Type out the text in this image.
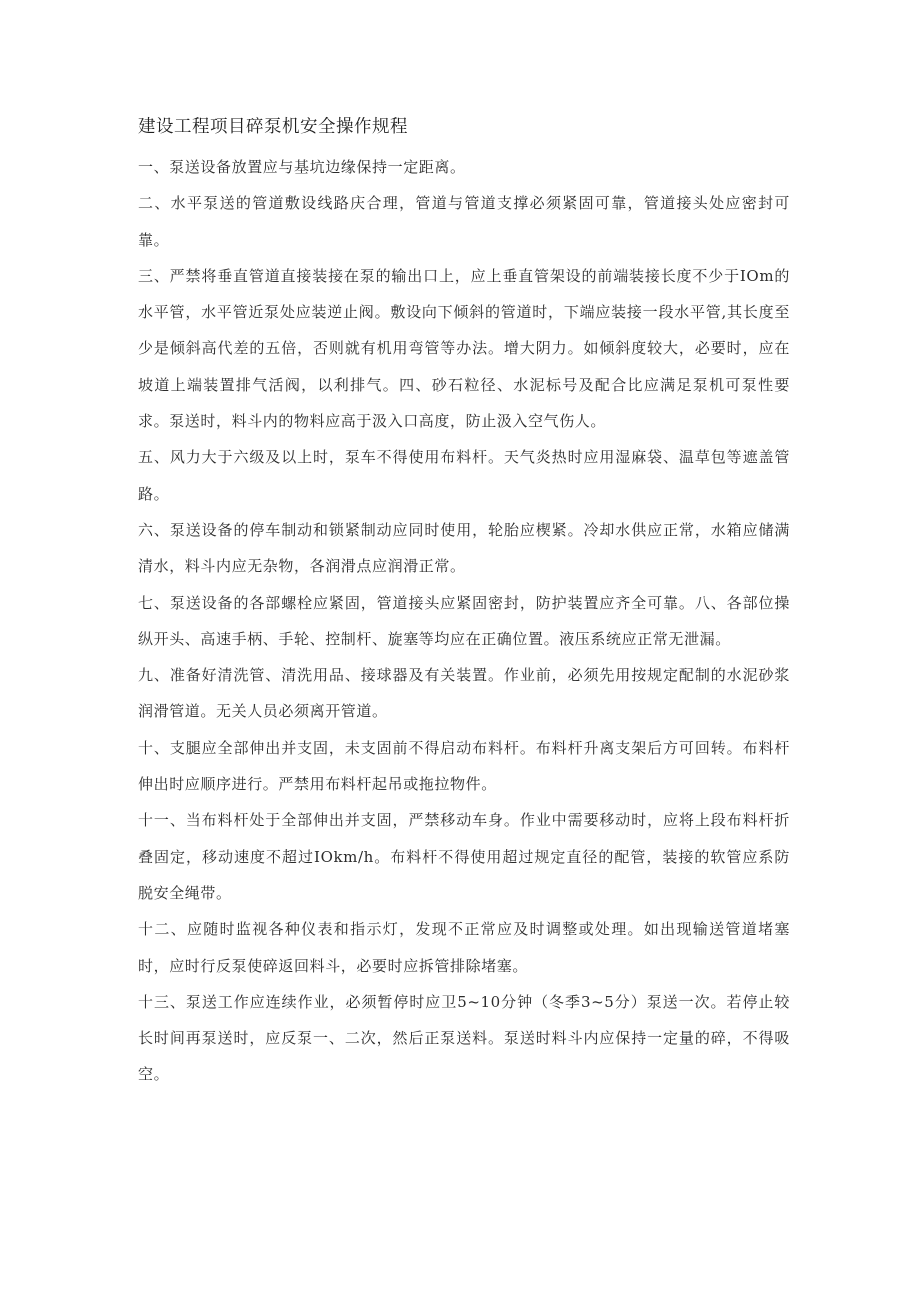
建设工程项目碎泵机安全操作规程

一、泵送设备放置应与基坑边缘保持一定距离。

二、水平泵送的管道敷设线路庆合理，管道与管道支撑必须紧固可靠，管道接头处应密封可靠。

三、严禁将垂直管道直接装接在泵的输出口上，应上垂直管架设的前端装接长度不少于IOm的水平管，水平管近泵处应装逆止阀。敷设向下倾斜的管道时，下端应装接一段水平管,其长度至少是倾斜高代差的五倍，否则就有机用弯管等办法。增大阴力。如倾斜度较大，必要时，应在坡道上端装置排气活阀，以利排气。四、砂石粒径、水泥标号及配合比应满足泵机可泵性要求。泵送时，料斗内的物料应高于汲入口高度，防止汲入空气伤人。

五、风力大于六级及以上时，泵车不得使用布料杆。天气炎热时应用湿麻袋、温草包等遮盖管路。

六、泵送设备的停车制动和锁紧制动应同时使用，轮胎应楔紧。冷却水供应正常，水箱应储满清水，料斗内应无杂物，各润滑点应润滑正常。

七、泵送设备的各部螺栓应紧固，管道接头应紧固密封，防护装置应齐全可靠。八、各部位操纵开头、高速手柄、手轮、控制杆、旋塞等均应在正确位置。液压系统应正常无泄漏。

九、准备好清洗管、清洗用品、接球器及有关装置。作业前，必须先用按规定配制的水泥砂浆润滑管道。无关人员必须离开管道。

十、支腿应全部伸出并支固，未支固前不得启动布料杆。布料杆升离支架后方可回转。布料杆伸出时应顺序进行。严禁用布料杆起吊或拖拉物件。

十一、当布料杆处于全部伸出并支固，严禁移动车身。作业中需要移动时，应将上段布料杆折叠固定，移动速度不超过IOkm/h。布料杆不得使用超过规定直径的配管，装接的软管应系防脱安全绳带。

十二、应随时监视各种仪表和指示灯，发现不正常应及时调整或处理。如出现输送管道堵塞时，应时行反泵使碎返回料斗，必要时应拆管排除堵塞。

十三、泵送工作应连续作业，必须暂停时应卫5~10分钟（冬季3~5分）泵送一次。若停止较长时间再泵送时，应反泵一、二次，然后正泵送料。泵送时料斗内应保持一定量的碎，不得吸空。
